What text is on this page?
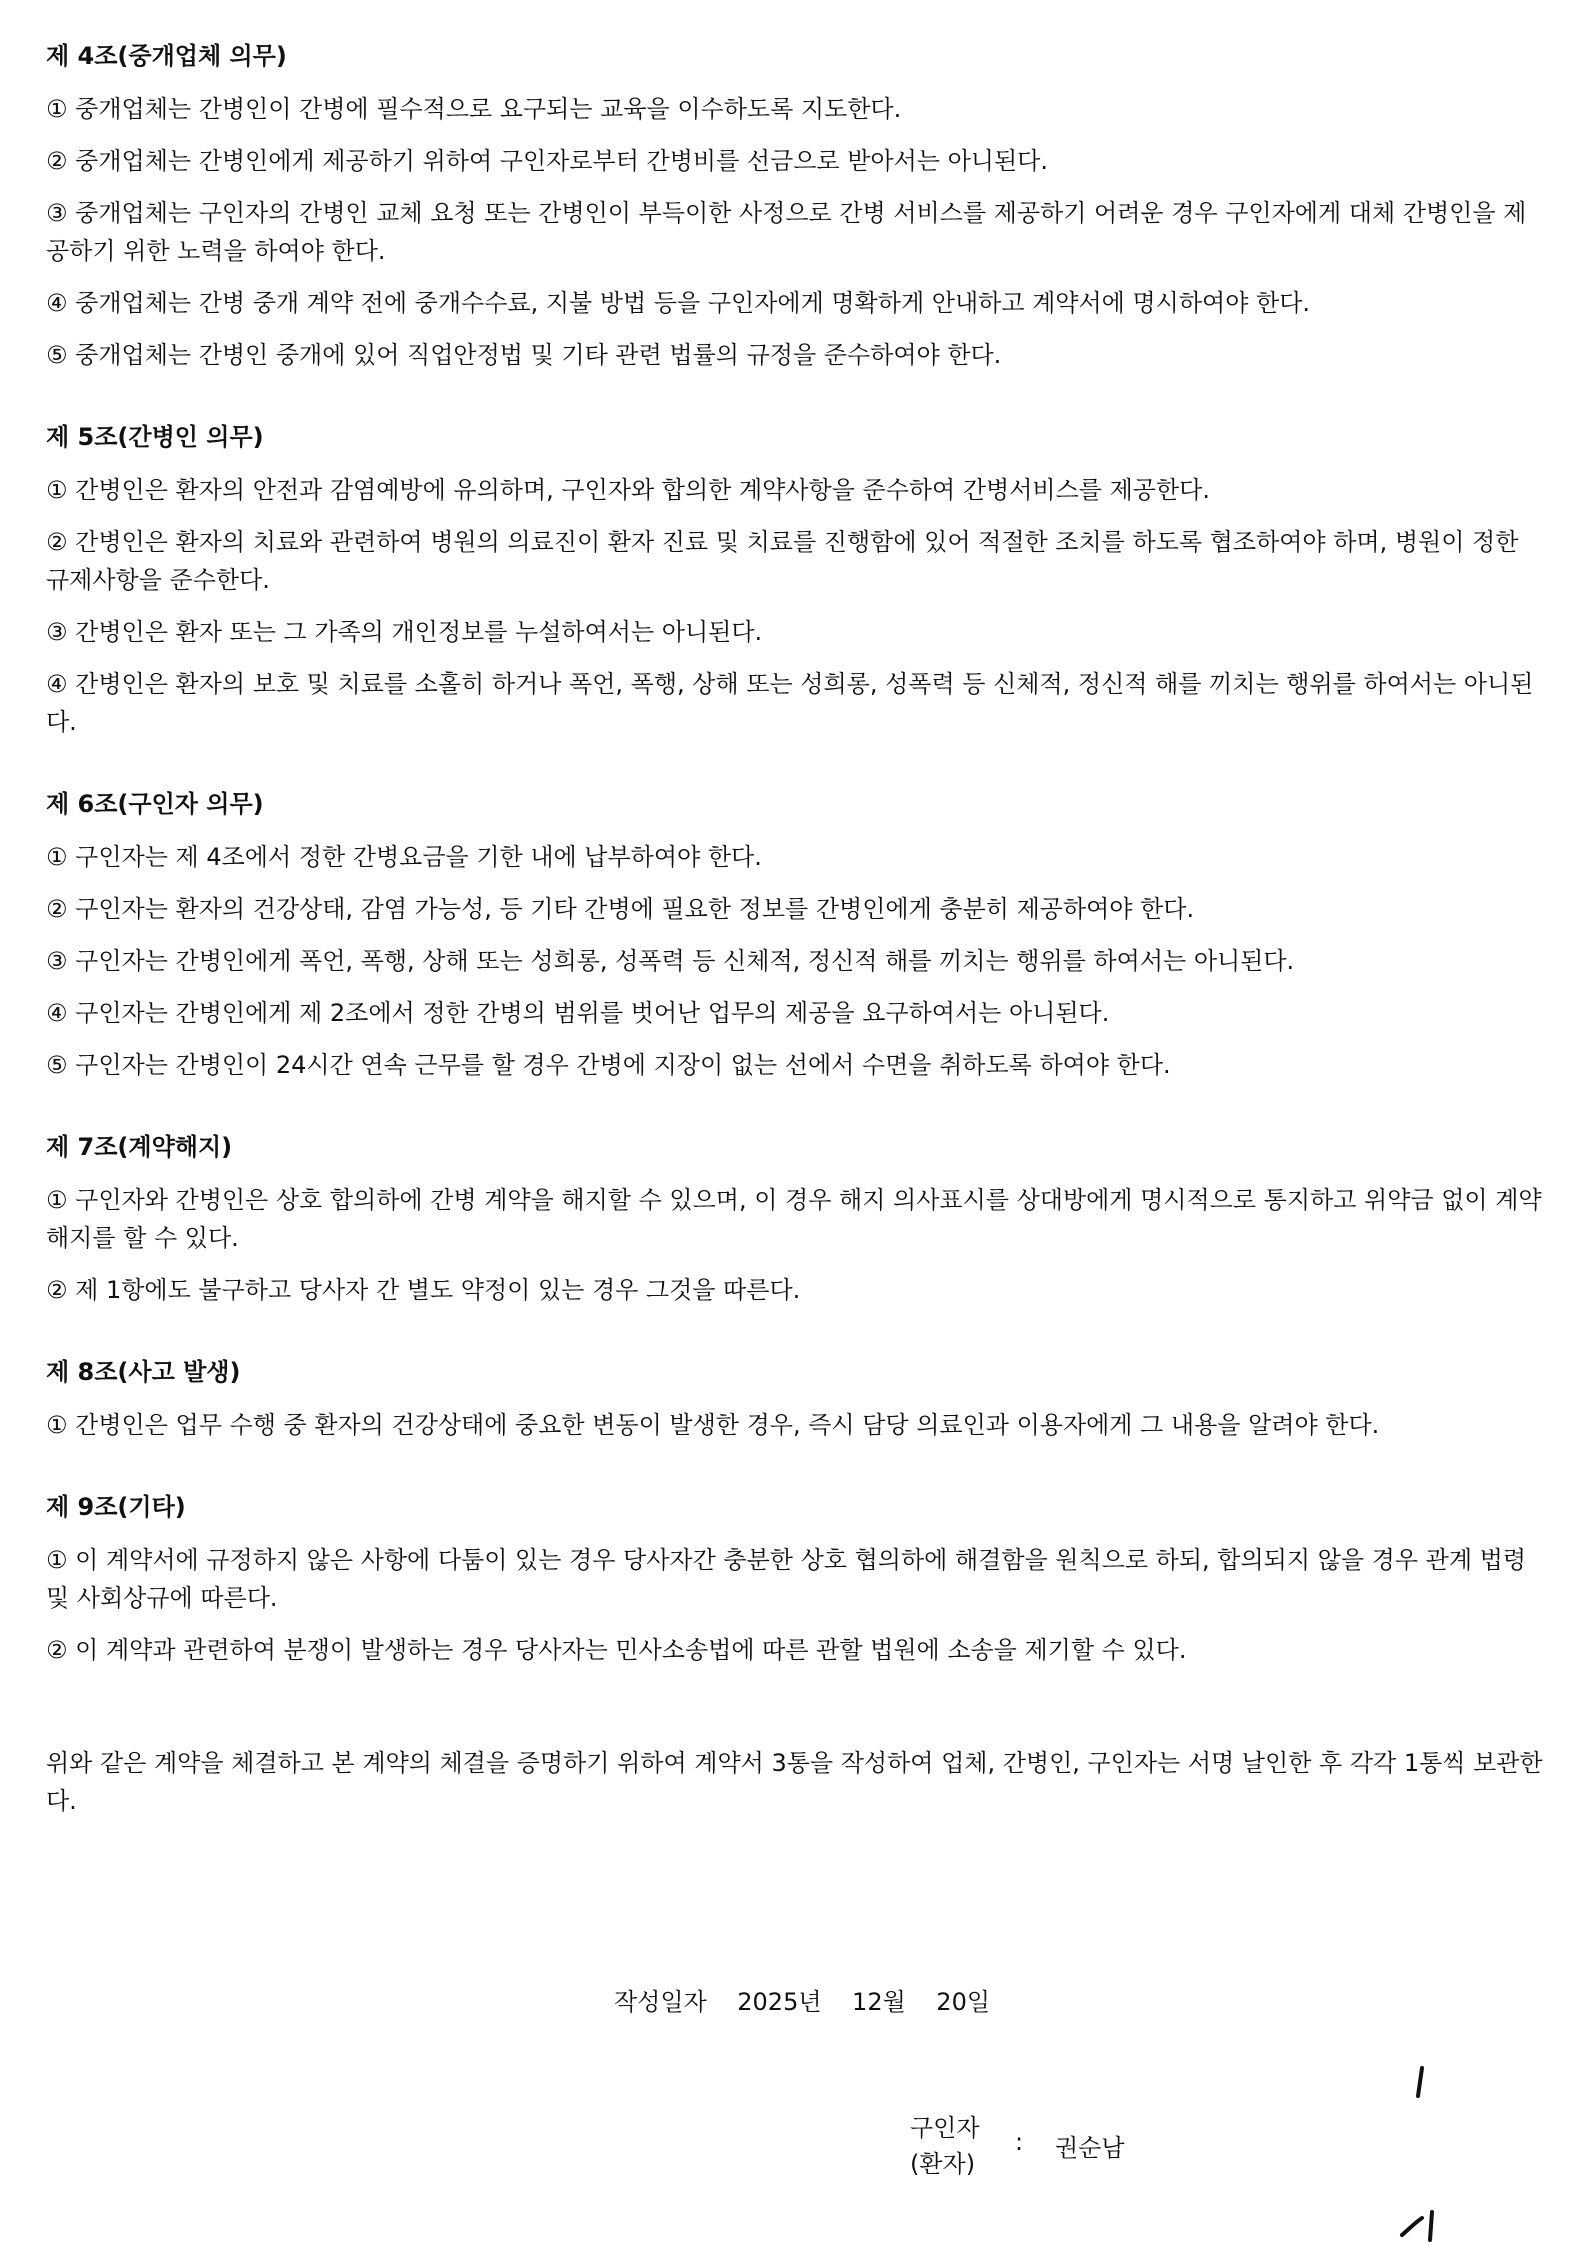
제 4조(중개업체 의무)
① 중개업체는 간병인이 간병에 필수적으로 요구되는 교육을 이수하도록 지도한다.
② 중개업체는 간병인에게 제공하기 위하여 구인자로부터 간병비를 선금으로 받아서는 아니된다.
③ 중개업체는 구인자의 간병인 교체 요청 또는 간병인이 부득이한 사정으로 간병 서비스를 제공하기 어려운 경우 구인자에게 대체 간병인을 제공하기 위한 노력을 하여야 한다.
④ 중개업체는 간병 중개 계약 전에 중개수수료, 지불 방법 등을 구인자에게 명확하게 안내하고 계약서에 명시하여야 한다.
⑤ 중개업체는 간병인 중개에 있어 직업안정법 및 기타 관련 법률의 규정을 준수하여야 한다.
제 5조(간병인 의무)
① 간병인은 환자의 안전과 감염예방에 유의하며, 구인자와 합의한 계약사항을 준수하여 간병서비스를 제공한다.
② 간병인은 환자의 치료와 관련하여 병원의 의료진이 환자 진료 및 치료를 진행함에 있어 적절한 조치를 하도록 협조하여야 하며, 병원이 정한 규제사항을 준수한다.
③ 간병인은 환자 또는 그 가족의 개인정보를 누설하여서는 아니된다.
④ 간병인은 환자의 보호 및 치료를 소홀히 하거나 폭언, 폭행, 상해 또는 성희롱, 성폭력 등 신체적, 정신적 해를 끼치는 행위를 하여서는 아니된다.
제 6조(구인자 의무)
① 구인자는 제 4조에서 정한 간병요금을 기한 내에 납부하여야 한다.
② 구인자는 환자의 건강상태, 감염 가능성, 등 기타 간병에 필요한 정보를 간병인에게 충분히 제공하여야 한다.
③ 구인자는 간병인에게 폭언, 폭행, 상해 또는 성희롱, 성폭력 등 신체적, 정신적 해를 끼치는 행위를 하여서는 아니된다.
④ 구인자는 간병인에게 제 2조에서 정한 간병의 범위를 벗어난 업무의 제공을 요구하여서는 아니된다.
⑤ 구인자는 간병인이 24시간 연속 근무를 할 경우 간병에 지장이 없는 선에서 수면을 취하도록 하여야 한다.
제 7조(계약해지)
① 구인자와 간병인은 상호 합의하에 간병 계약을 해지할 수 있으며, 이 경우 해지 의사표시를 상대방에게 명시적으로 통지하고 위약금 없이 계약해지를 할 수 있다.
② 제 1항에도 불구하고 당사자 간 별도 약정이 있는 경우 그것을 따른다.
제 8조(사고 발생)
① 간병인은 업무 수행 중 환자의 건강상태에 중요한 변동이 발생한 경우, 즉시 담당 의료인과 이용자에게 그 내용을 알려야 한다.
제 9조(기타)
① 이 계약서에 규정하지 않은 사항에 다툼이 있는 경우 당사자간 충분한 상호 협의하에 해결함을 원칙으로 하되, 합의되지 않을 경우 관계 법령 및 사회상규에 따른다.
② 이 계약과 관련하여 분쟁이 발생하는 경우 당사자는 민사소송법에 따른 관할 법원에 소송을 제기할 수 있다.
위와 같은 계약을 체결하고 본 계약의 체결을 증명하기 위하여 계약서 3통을 작성하여 업체, 간병인, 구인자는 서명 날인한 후 각각 1통씩 보관한다.
작성일자 2025년 12월 20일
구인자
(환자)
: 권순남
